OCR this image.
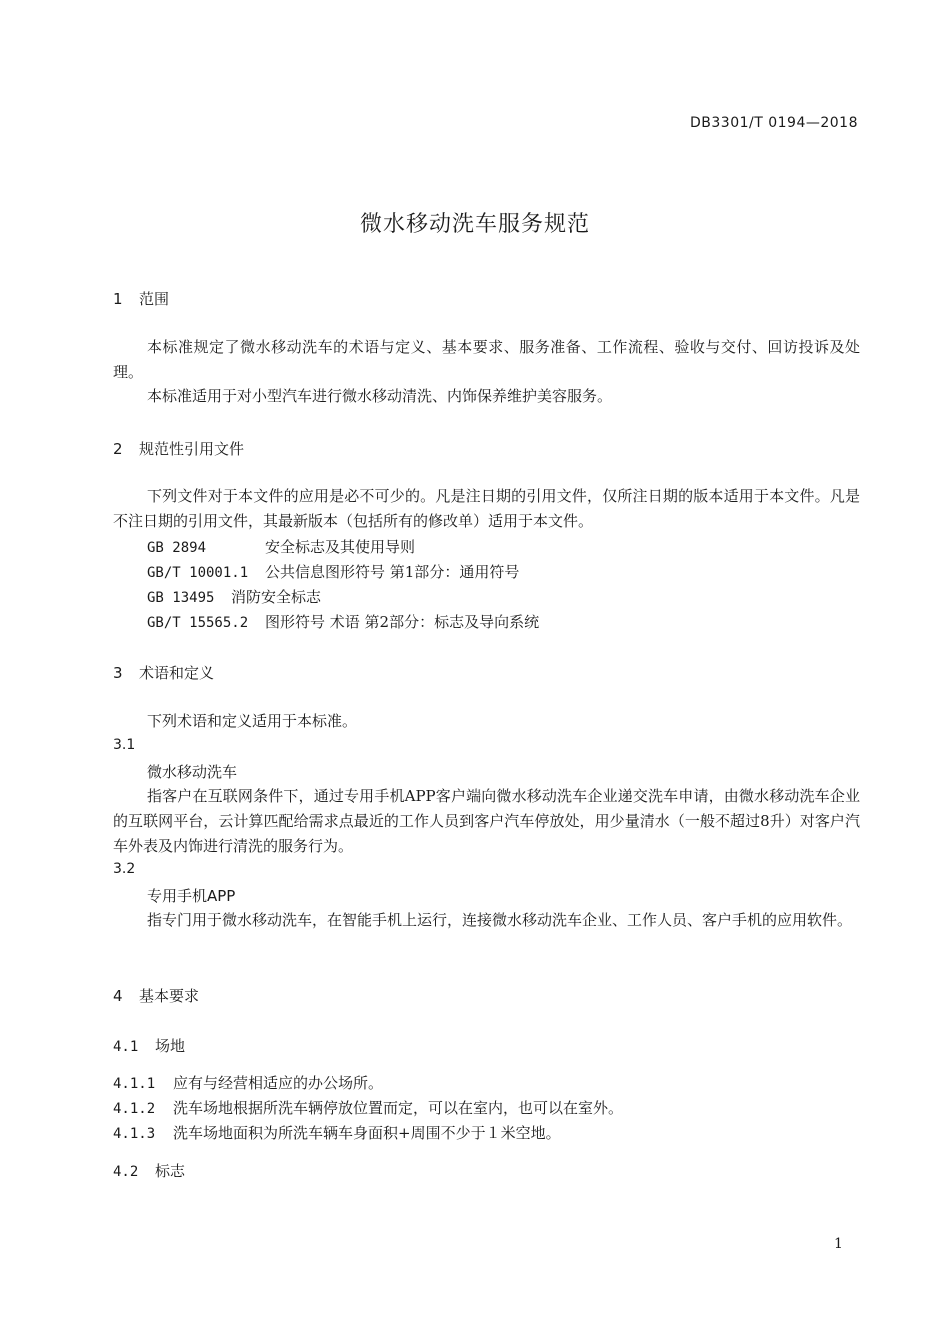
DB3301/T 0194—2018
微水移动洗车服务规范
1 范围
本标准规定了微水移动洗车的术语与定义、基本要求、服务准备、工作流程、验收与交付、回访投诉及处理。
本标准适用于对小型汽车进行微水移动清洗、内饰保养维护美容服务。
2 规范性引用文件
下列文件对于本文件的应用是必不可少的。凡是注日期的引用文件，仅所注日期的版本适用于本文件。凡是不注日期的引用文件，其最新版本（包括所有的修改单）适用于本文件。
GB 2894	安全标志及其使用导则
GB/T 10001.1 公共信息图形符号 第1部分：通用符号
GB 13495 消防安全标志
GB/T 15565.2 图形符号 术语 第2部分：标志及导向系统
3 术语和定义
下列术语和定义适用于本标准。
3.1
微水移动洗车
指客户在互联网条件下，通过专用手机APP客户端向微水移动洗车企业递交洗车申请，由微水移动洗车企业的互联网平台，云计算匹配给需求点最近的工作人员到客户汽车停放处，用少量清水（一般不超过8升）对客户汽车外表及内饰进行清洗的服务行为。
3.2
专用手机APP
指专门用于微水移动洗车，在智能手机上运行，连接微水移动洗车企业、工作人员、客户手机的应用软件。
4 基本要求
4.1 场地
4.1.1 应有与经营相适应的办公场所。
4.1.2 洗车场地根据所洗车辆停放位置而定，可以在室内，也可以在室外。
4.1.3 洗车场地面积为所洗车辆车身面积+周围不少于１米空地。
4.2 标志
1
